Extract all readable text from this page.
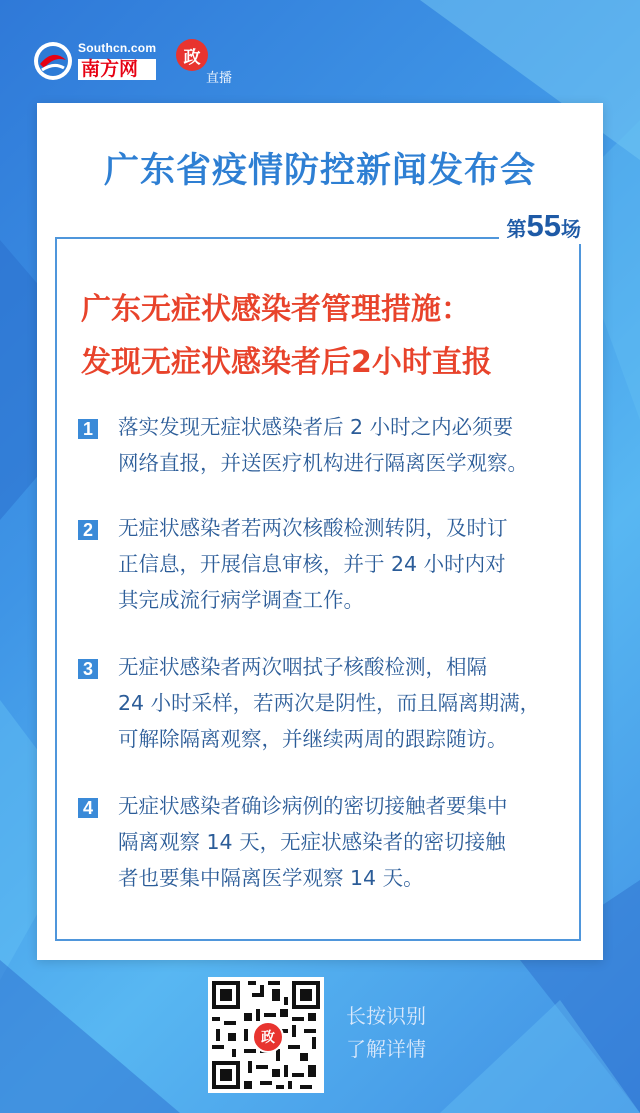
Southcn.com
南方网
政
直播
广东省疫情防控新闻发布会
第 55 场
广东无症状感染者管理措施：
发现无症状感染者后2小时直报
1 落实发现无症状感染者后 2 小时之内必须要
网络直报，并送医疗机构进行隔离医学观察。
2 无症状感染者若两次核酸检测转阴，及时订
正信息，开展信息审核，并于 24 小时内对
其完成流行病学调查工作。
3 无症状感染者两次咽拭子核酸检测，相隔
24 小时采样，若两次是阴性，而且隔离期满，
可解除隔离观察，并继续两周的跟踪随访。
4 无症状感染者确诊病例的密切接触者要集中
隔离观察 14 天，无症状感染者的密切接触
者也要集中隔离医学观察 14 天。
政
长按识别
了解详情
